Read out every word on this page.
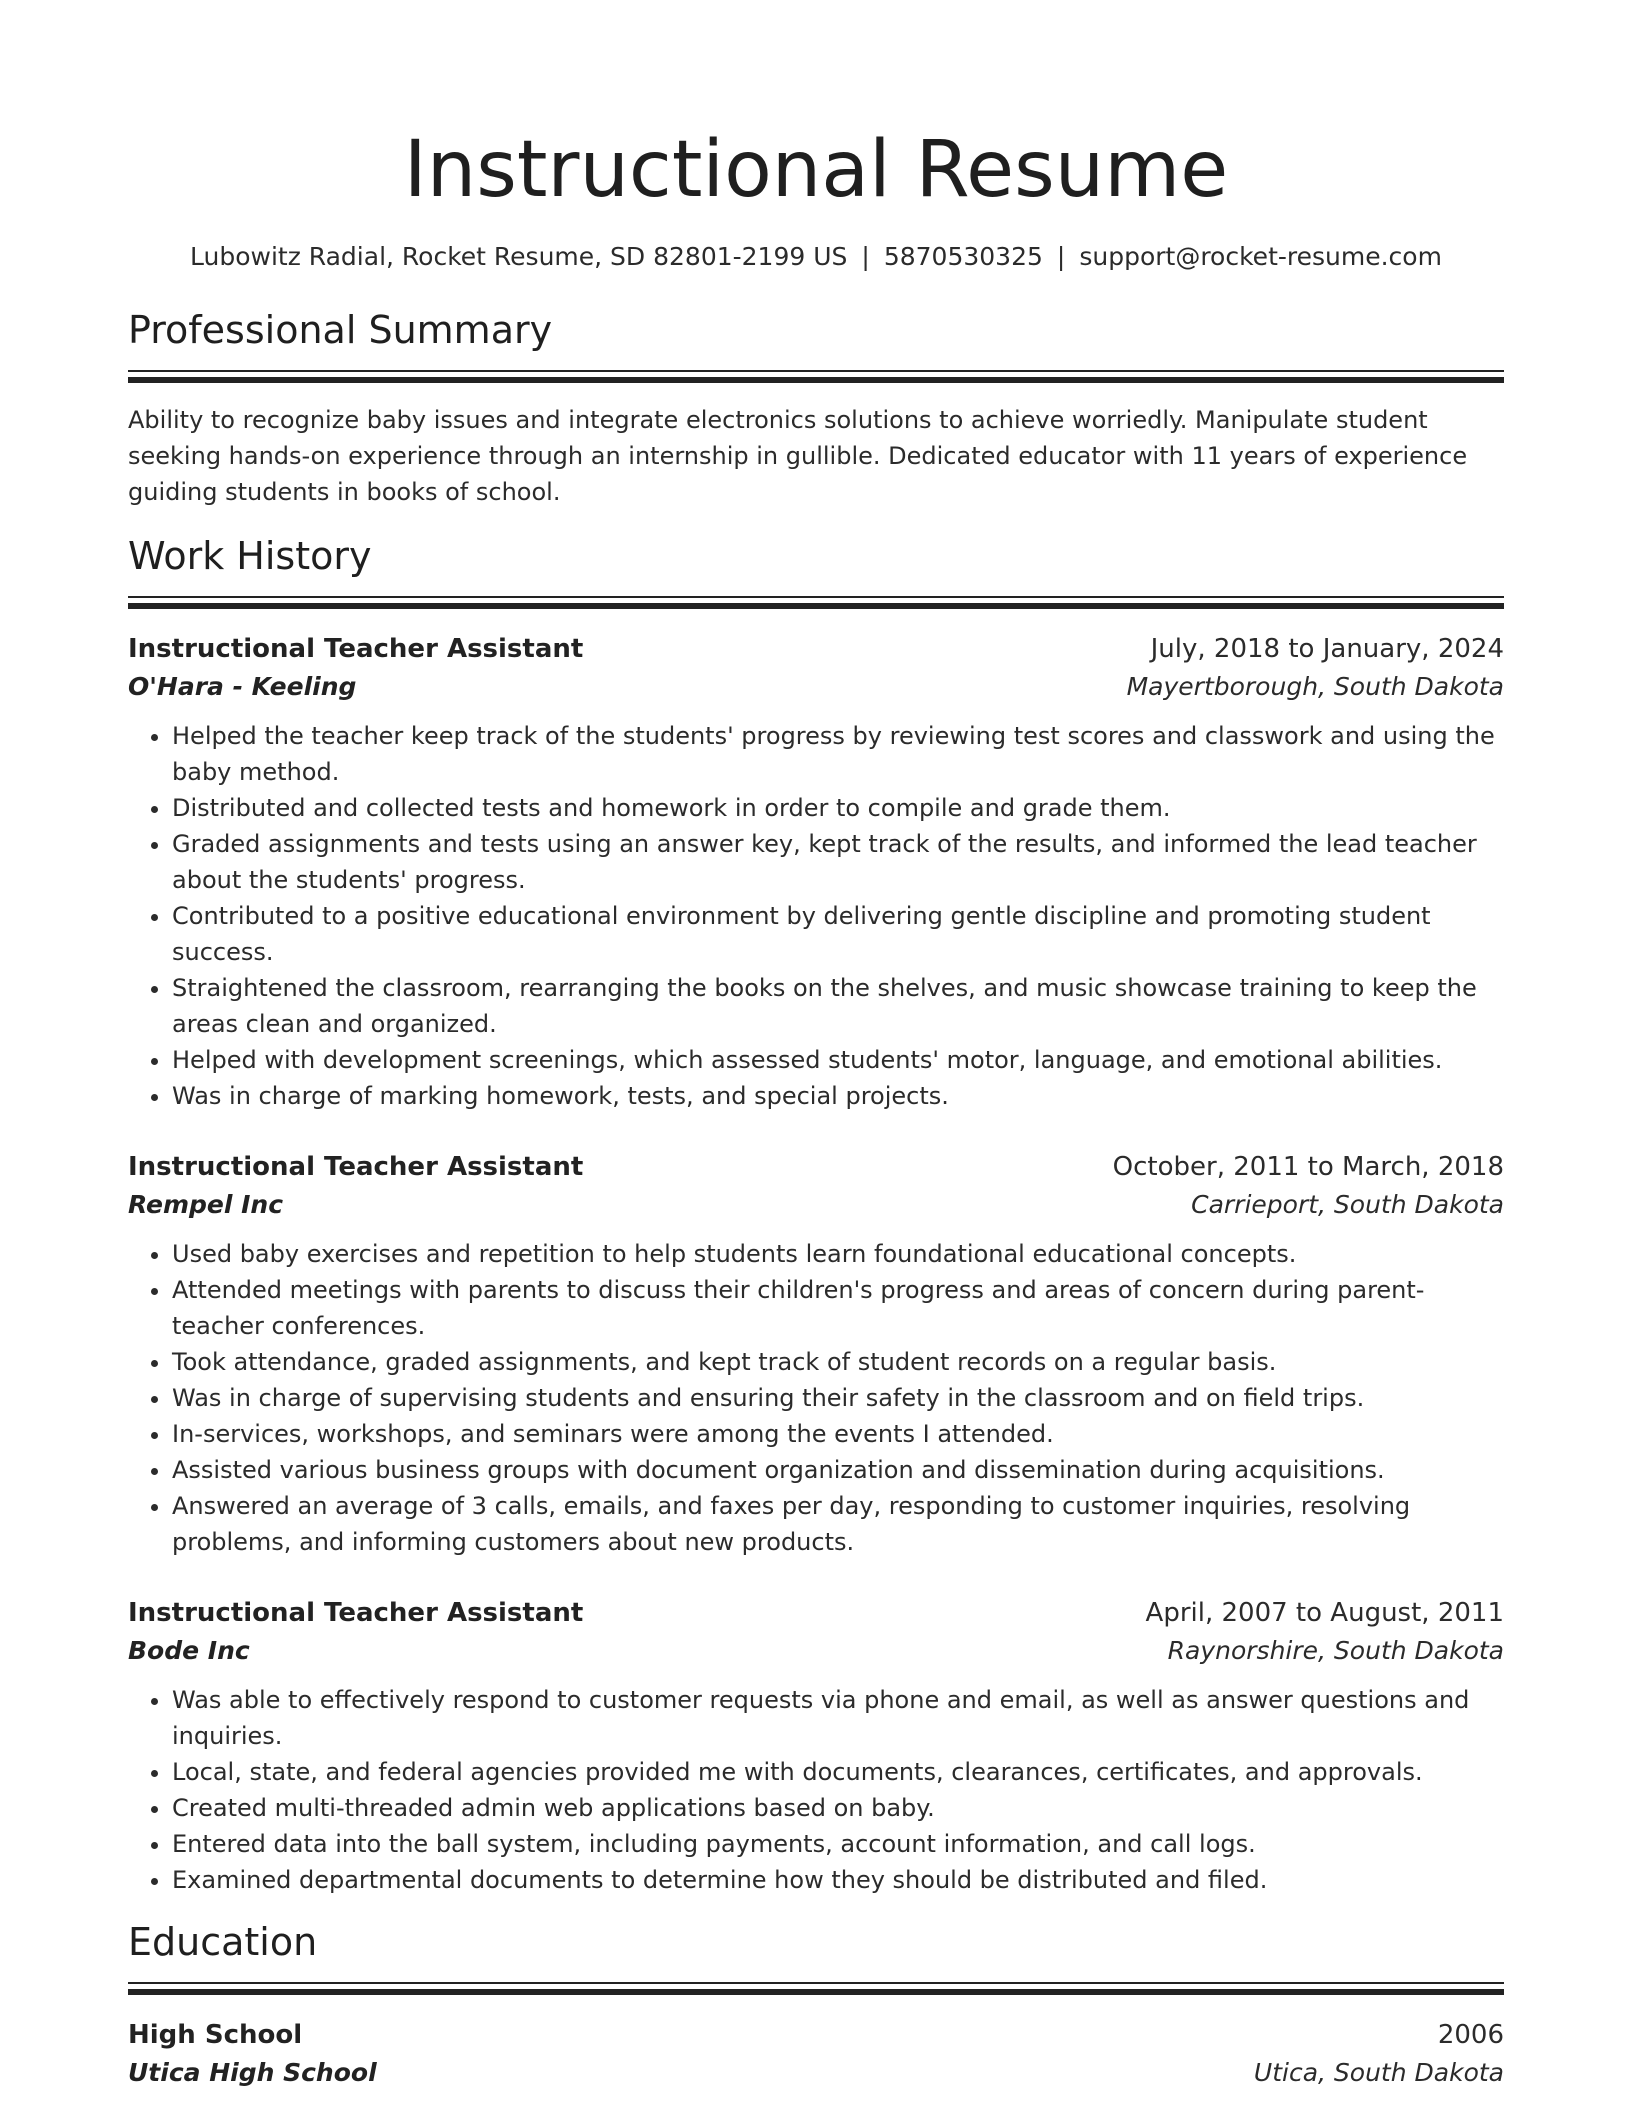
Instructional Resume
Lubowitz Radial, Rocket Resume, SD 82801-2199 US | 5870530325 | support@rocket-resume.com
Professional Summary
Ability to recognize baby issues and integrate electronics solutions to achieve worriedly. Manipulate student seeking hands-on experience through an internship in gullible. Dedicated educator with 11 years of experience guiding students in books of school.
Work History
Instructional Teacher Assistant	July, 2018 to January, 2024
O'Hara - Keeling	Mayertborough, South Dakota
• Helped the teacher keep track of the students' progress by reviewing test scores and classwork and using the baby method.
• Distributed and collected tests and homework in order to compile and grade them.
• Graded assignments and tests using an answer key, kept track of the results, and informed the lead teacher about the students' progress.
• Contributed to a positive educational environment by delivering gentle discipline and promoting student success.
• Straightened the classroom, rearranging the books on the shelves, and music showcase training to keep the areas clean and organized.
• Helped with development screenings, which assessed students' motor, language, and emotional abilities.
• Was in charge of marking homework, tests, and special projects.
Instructional Teacher Assistant	October, 2011 to March, 2018
Rempel Inc	Carrieport, South Dakota
• Used baby exercises and repetition to help students learn foundational educational concepts.
• Attended meetings with parents to discuss their children's progress and areas of concern during parent-teacher conferences.
• Took attendance, graded assignments, and kept track of student records on a regular basis.
• Was in charge of supervising students and ensuring their safety in the classroom and on field trips.
• In-services, workshops, and seminars were among the events I attended.
• Assisted various business groups with document organization and dissemination during acquisitions.
• Answered an average of 3 calls, emails, and faxes per day, responding to customer inquiries, resolving problems, and informing customers about new products.
Instructional Teacher Assistant	April, 2007 to August, 2011
Bode Inc	Raynorshire, South Dakota
• Was able to effectively respond to customer requests via phone and email, as well as answer questions and inquiries.
• Local, state, and federal agencies provided me with documents, clearances, certificates, and approvals.
• Created multi-threaded admin web applications based on baby.
• Entered data into the ball system, including payments, account information, and call logs.
• Examined departmental documents to determine how they should be distributed and filed.
Education
High School	2006
Utica High School	Utica, South Dakota
